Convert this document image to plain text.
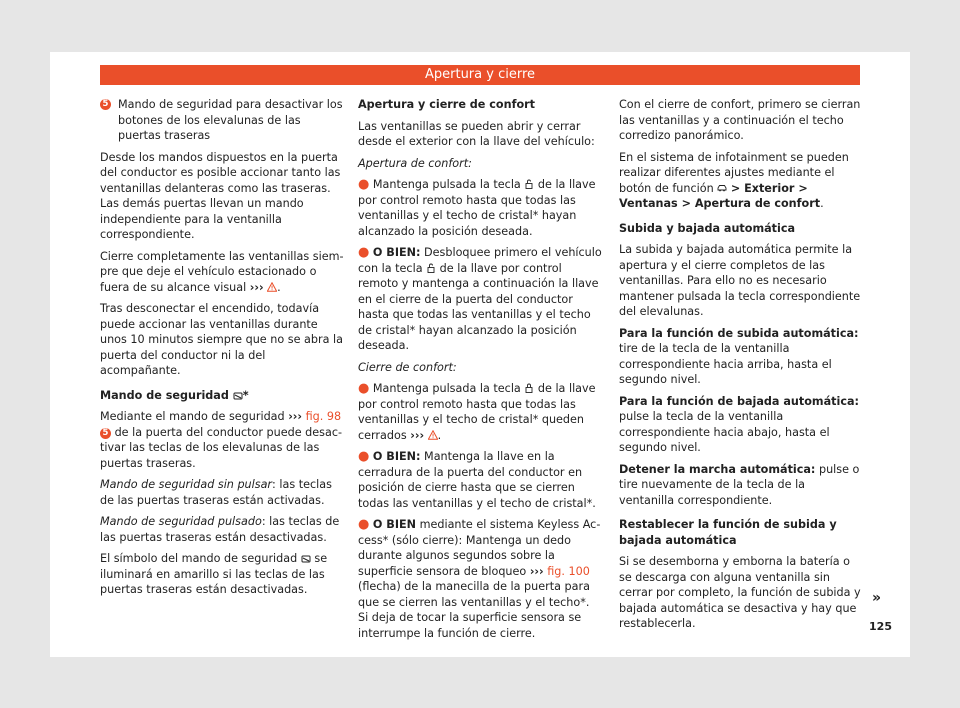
Apertura y cierre

5 Mando de seguridad para desactivar los botones de los elevalunas de las puertas traseras

Desde los mandos dispuestos en la puerta del conductor es posible accionar tanto las ventanillas delanteras como las traseras. Las demás puertas llevan un mando independiente para la ventanilla correspondiente.

Cierre completamente las ventanillas siempre que deje el vehículo estacionado o fuera de su alcance visual ››› .

Tras desconectar el encendido, todavía puede accionar las ventanillas durante unos 10 minutos siempre que no se abra la puerta del conductor ni la del acompañante.

Mando de seguridad *

Mediante el mando de seguridad ››› fig. 98
5 de la puerta del conductor puede desactivar las teclas de los elevalunas de las puertas traseras.

Mando de seguridad sin pulsar: las teclas de las puertas traseras están activadas.

Mando de seguridad pulsado: las teclas de las puertas traseras están desactivadas.

El símbolo del mando de seguridad se iluminará en amarillo si las teclas de las puertas traseras están desactivadas.

Apertura y cierre de confort

Las ventanillas se pueden abrir y cerrar desde el exterior con la llave del vehículo:

Apertura de confort:

● Mantenga pulsada la tecla de la llave por control remoto hasta que todas las ventanillas y el techo de cristal* hayan alcanzado la posición deseada.

● O BIEN: Desbloquee primero el vehículo con la tecla de la llave por control remoto y mantenga a continuación la llave en el cierre de la puerta del conductor hasta que todas las ventanillas y el techo de cristal* hayan alcanzado la posición deseada.

Cierre de confort:

● Mantenga pulsada la tecla de la llave por control remoto hasta que todas las ventanillas y el techo de cristal* queden cerrados ››› .

● O BIEN: Mantenga la llave en la cerradura de la puerta del conductor en posición de cierre hasta que se cierren todas las ventanillas y el techo de cristal*.

● O BIEN mediante el sistema Keyless Access* (sólo cierre): Mantenga un dedo durante algunos segundos sobre la superficie sensora de bloqueo ››› fig. 100 (flecha) de la manecilla de la puerta para que se cierren las ventanillas y el techo*. Si deja de tocar la superficie sensora se interrumpe la función de cierre.

Con el cierre de confort, primero se cierran las ventanillas y a continuación el techo corredizo panorámico.

En el sistema de infotainment se pueden realizar diferentes ajustes mediante el botón de función > Exterior > Ventanas > Apertura de confort.

Subida y bajada automática

La subida y bajada automática permite la apertura y el cierre completos de las ventanillas. Para ello no es necesario mantener pulsada la tecla correspondiente del elevalunas.

Para la función de subida automática: tire de la tecla de la ventanilla correspondiente hacia arriba, hasta el segundo nivel.

Para la función de bajada automática: pulse la tecla de la ventanilla correspondiente hacia abajo, hasta el segundo nivel.

Detener la marcha automática: pulse o tire nuevamente de la tecla de la ventanilla correspondiente.

Restablecer la función de subida y bajada automática

Si se desemborna y emborna la batería o se descarga con alguna ventanilla sin cerrar por completo, la función de subida y bajada automática se desactiva y hay que restablecerla.

»
125
